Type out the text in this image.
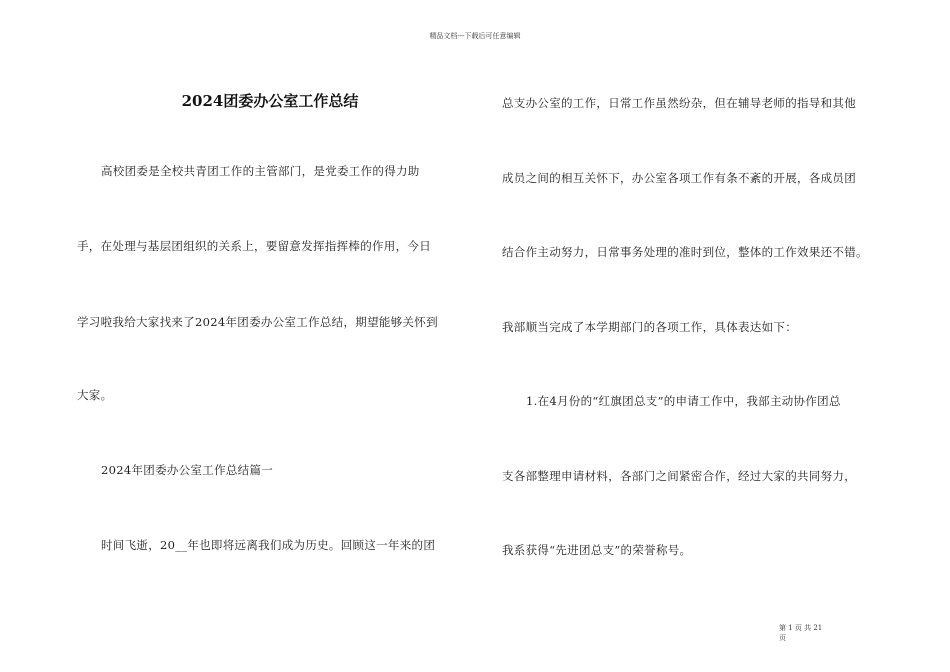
精品文档---下载后可任意编辑
2024团委办公室工作总结
高校团委是全校共青团工作的主管部门，是党委工作的得力助
手，在处理与基层团组织的关系上，要留意发挥指挥棒的作用，今日
学习啦我给大家找来了2024年团委办公室工作总结，期望能够关怀到
大家。
2024年团委办公室工作总结篇一
时间飞逝，20__年也即将远离我们成为历史。回顾这一年来的团
总支办公室的工作，日常工作虽然纷杂，但在辅导老师的指导和其他
成员之间的相互关怀下，办公室各项工作有条不紊的开展，各成员团
结合作主动努力，日常事务处理的准时到位，整体的工作效果还不错。
我部顺当完成了本学期部门的各项工作，具体表达如下：
1.在4月份的“红旗团总支”的申请工作中，我部主动协作团总
支各部整理申请材料，各部门之间紧密合作，经过大家的共同努力，
我系获得“先进团总支”的荣誉称号。
第 1 页 共 21
页
